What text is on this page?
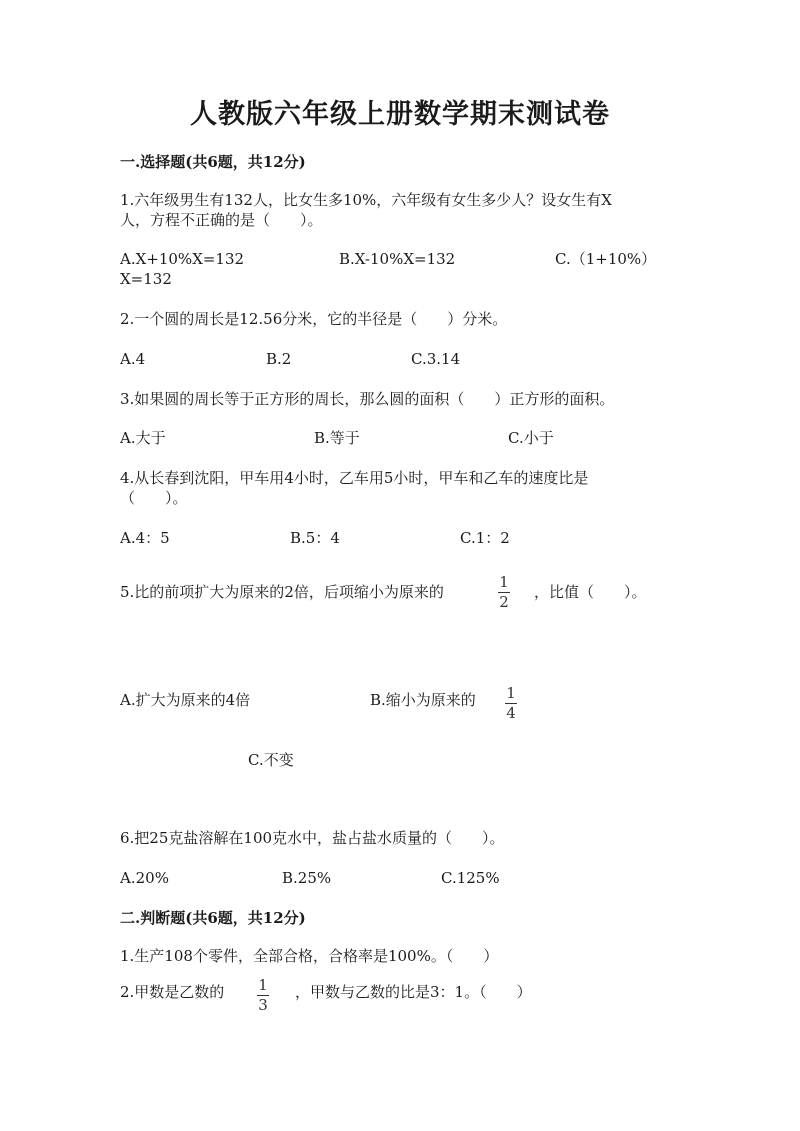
人教版六年级上册数学期末测试卷
一.选择题(共6题，共12分)
1.六年级男生有132人，比女生多10%，六年级有女生多少人？设女生有X
人，方程不正确的是（　　）。
A.X+10%X=132	B.X-10%X=132	C.（1+10%）
X=132
2.一个圆的周长是12.56分米，它的半径是（　　）分米。
A.4	B.2	C.3.14
3.如果圆的周长等于正方形的周长，那么圆的面积（　　）正方形的面积。
A.大于	B.等于	C.小于
4.从长春到沈阳，甲车用4小时，乙车用5小时，甲车和乙车的速度比是
（　　）。
A.4：5	B.5：4	C.1：2
5.比的前项扩大为原来的2倍，后项缩小为原来的
1
2
，比值（　　）。
A.扩大为原来的4倍	B.缩小为原来的 1
4
C.不变
6.把25克盐溶解在100克水中，盐占盐水质量的（　　）。
A.20%	B.25%	C.125%
二.判断题(共6题，共12分)
1.生产108个零件，全部合格，合格率是100%。（　　）
2.甲数是乙数的 1
3
，甲数与乙数的比是3：1。（　　）
